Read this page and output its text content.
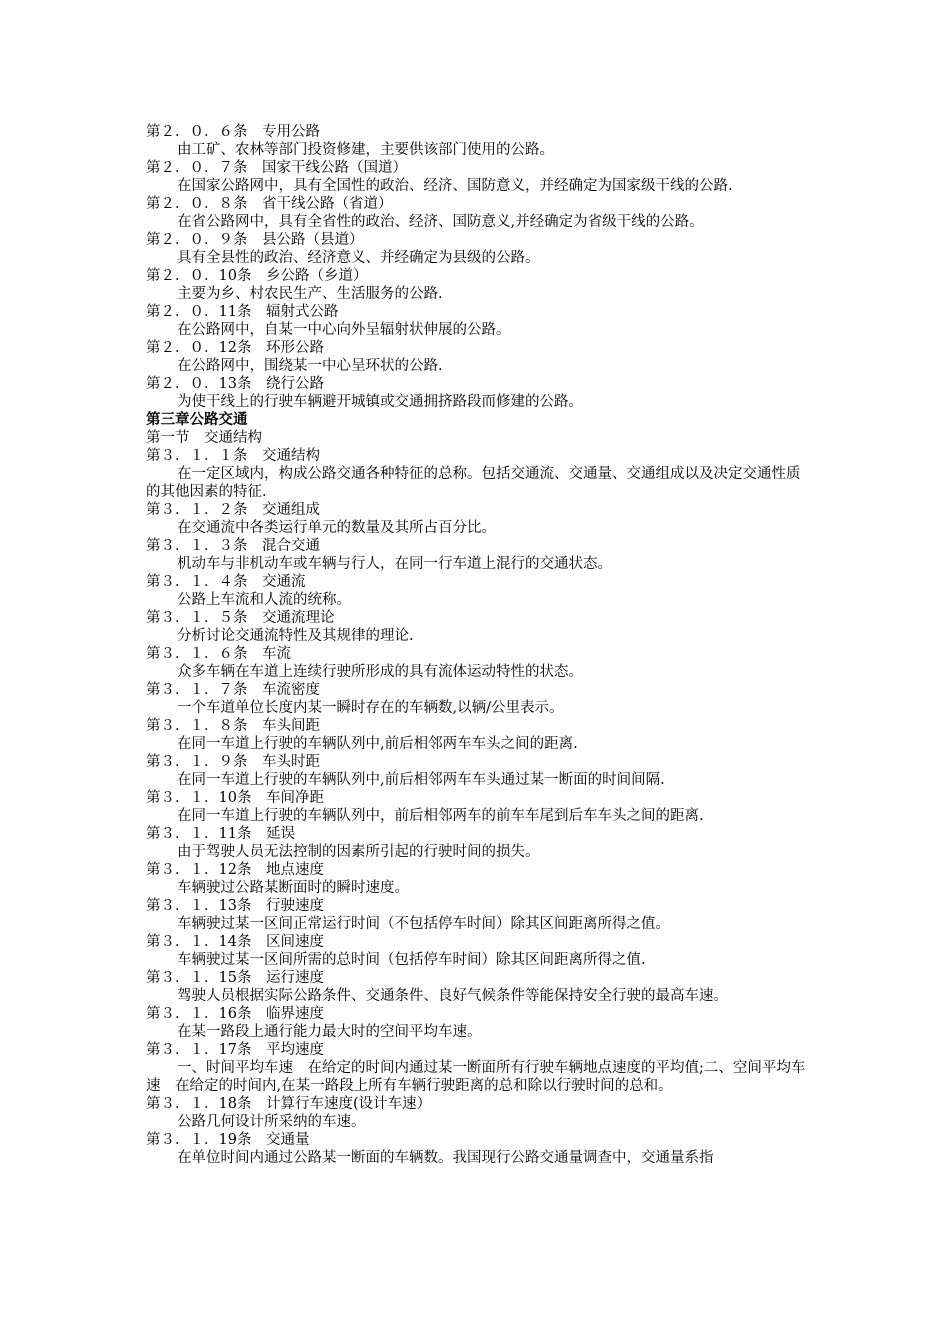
第２．０．６条　专用公路
由工矿、农林等部门投资修建，主要供该部门使用的公路。
第２．０．７条　国家干线公路（国道）
在国家公路网中，具有全国性的政治、经济、国防意义，并经确定为国家级干线的公路.
第２．０．８条　省干线公路（省道）
在省公路网中，具有全省性的政治、经济、国防意义,并经确定为省级干线的公路。
第２．０．９条　县公路（县道）
具有全县性的政治、经济意义、并经确定为县级的公路。
第２．０．10条　乡公路（乡道）
主要为乡、村农民生产、生活服务的公路.
第２．０．11条　辐射式公路
在公路网中，自某一中心向外呈辐射状伸展的公路。
第２．０．12条　环形公路
在公路网中，围绕某一中心呈环状的公路.
第２．０．13条　绕行公路
为使干线上的行驶车辆避开城镇或交通拥挤路段而修建的公路。
第三章公路交通
第一节　交通结构
第３．１．１条　交通结构
在一定区域内，构成公路交通各种特征的总称。包括交通流、交通量、交通组成以及决定交通性质的其他因素的特征.
第３．１．２条　交通组成
在交通流中各类运行单元的数量及其所占百分比。
第３．１．３条　混合交通
机动车与非机动车或车辆与行人，在同一行车道上混行的交通状态。
第３．１．４条　交通流
公路上车流和人流的统称。
第３．１．５条　交通流理论
分析讨论交通流特性及其规律的理论.
第３．１．６条　车流
众多车辆在车道上连续行驶所形成的具有流体运动特性的状态。
第３．１．７条　车流密度
一个车道单位长度内某一瞬时存在的车辆数,以辆/公里表示。
第３．１．８条　车头间距
在同一车道上行驶的车辆队列中,前后相邻两车车头之间的距离.
第３．１．９条　车头时距
在同一车道上行驶的车辆队列中,前后相邻两车车头通过某一断面的时间间隔.
第３．１．10条　车间净距
在同一车道上行驶的车辆队列中，前后相邻两车的前车车尾到后车车头之间的距离.
第３．１．11条　延误
由于驾驶人员无法控制的因素所引起的行驶时间的损失。
第３．１．12条　地点速度
车辆驶过公路某断面时的瞬时速度。
第３．１．13条　行驶速度
车辆驶过某一区间正常运行时间（不包括停车时间）除其区间距离所得之值。
第３．１．14条　区间速度
车辆驶过某一区间所需的总时间（包括停车时间）除其区间距离所得之值.
第３．１．15条　运行速度
驾驶人员根据实际公路条件、交通条件、良好气候条件等能保持安全行驶的最高车速。
第３．１．16条　临界速度
在某一路段上通行能力最大时的空间平均车速。
第３．１．17条　平均速度
一、时间平均车速　在给定的时间内通过某一断面所有行驶车辆地点速度的平均值;二、空间平均车速　在给定的时间内,在某一路段上所有车辆行驶距离的总和除以行驶时间的总和。
第３．１．18条　计算行车速度(设计车速）
公路几何设计所采纳的车速。
第３．１．19条　交通量
在单位时间内通过公路某一断面的车辆数。我国现行公路交通量调查中，交通量系指
